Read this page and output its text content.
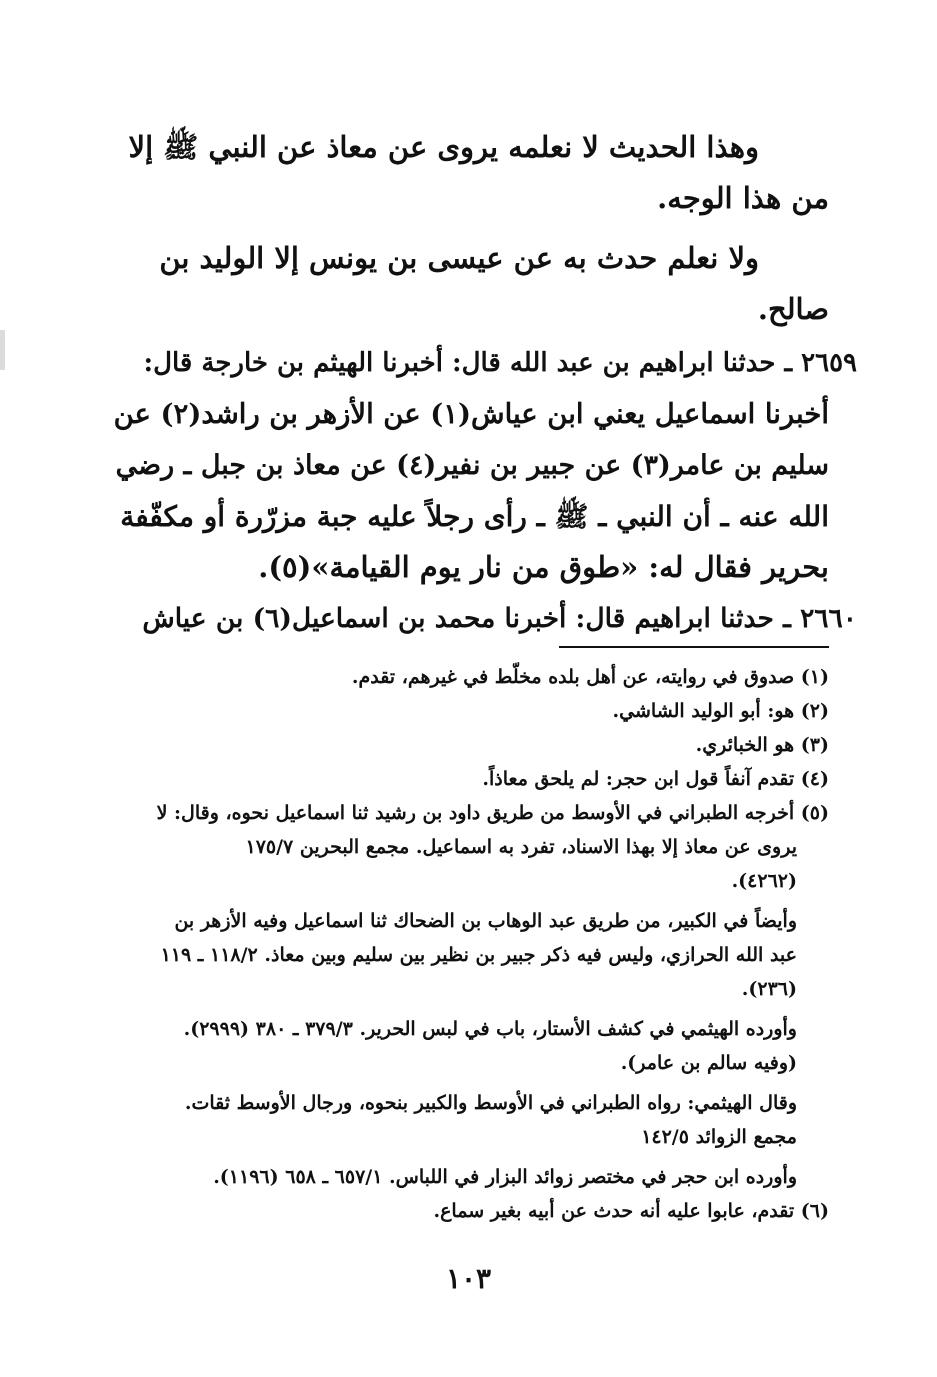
وهذا الحديث لا نعلمه يروى عن معاذ عن النبي ﷺ إلا
من هذا الوجه.
ولا نعلم حدث به عن عيسى بن يونس إلا الوليد بن
صالح.
٢٦٥٩ ـ حدثنا ابراهيم بن عبد الله قال: أخبرنا الهيثم بن خارجة قال:
أخبرنا اسماعيل يعني ابن عياش(١) عن الأزهر بن راشد(٢) عن
سليم بن عامر(٣) عن جبير بن نفير(٤) عن معاذ بن جبل ـ رضي
الله عنه ـ أن النبي ـ ﷺ ـ رأى رجلاً عليه جبة مزرّرة أو مكفّفة
بحرير فقال له: «طوق من نار يوم القيامة»(٥).
٢٦٦٠ ـ حدثنا ابراهيم قال: أخبرنا محمد بن اسماعيل(٦) بن عياش
(١) صدوق في روايته، عن أهل بلده مخلّط في غيرهم، تقدم.
(٢) هو: أبو الوليد الشاشي.
(٣) هو الخبائري.
(٤) تقدم آنفاً قول ابن حجر: لم يلحق معاذاً.
(٥) أخرجه الطبراني في الأوسط من طريق داود بن رشيد ثنا اسماعيل نحوه، وقال: لا
يروى عن معاذ إلا بهذا الاسناد، تفرد به اسماعيل. مجمع البحرين ١٧٥/٧
(٤٢٦٢).
وأيضاً في الكبير، من طريق عبد الوهاب بن الضحاك ثنا اسماعيل وفيه الأزهر بن
عبد الله الحرازي، وليس فيه ذكر جبير بن نظير بين سليم وبين معاذ. ١١٨/٢ ـ ١١٩
(٢٣٦).
وأورده الهيثمي في كشف الأستار، باب في لبس الحرير. ٣٧٩/٣ ـ ٣٨٠ (٢٩٩٩).
(وفيه سالم بن عامر).
وقال الهيثمي: رواه الطبراني في الأوسط والكبير بنحوه، ورجال الأوسط ثقات.
مجمع الزوائد ١٤٢/٥
وأورده ابن حجر في مختصر زوائد البزار في اللباس. ٦٥٧/١ ـ ٦٥٨ (١١٩٦).
(٦) تقدم، عابوا عليه أنه حدث عن أبيه بغير سماع.
١٠٣
